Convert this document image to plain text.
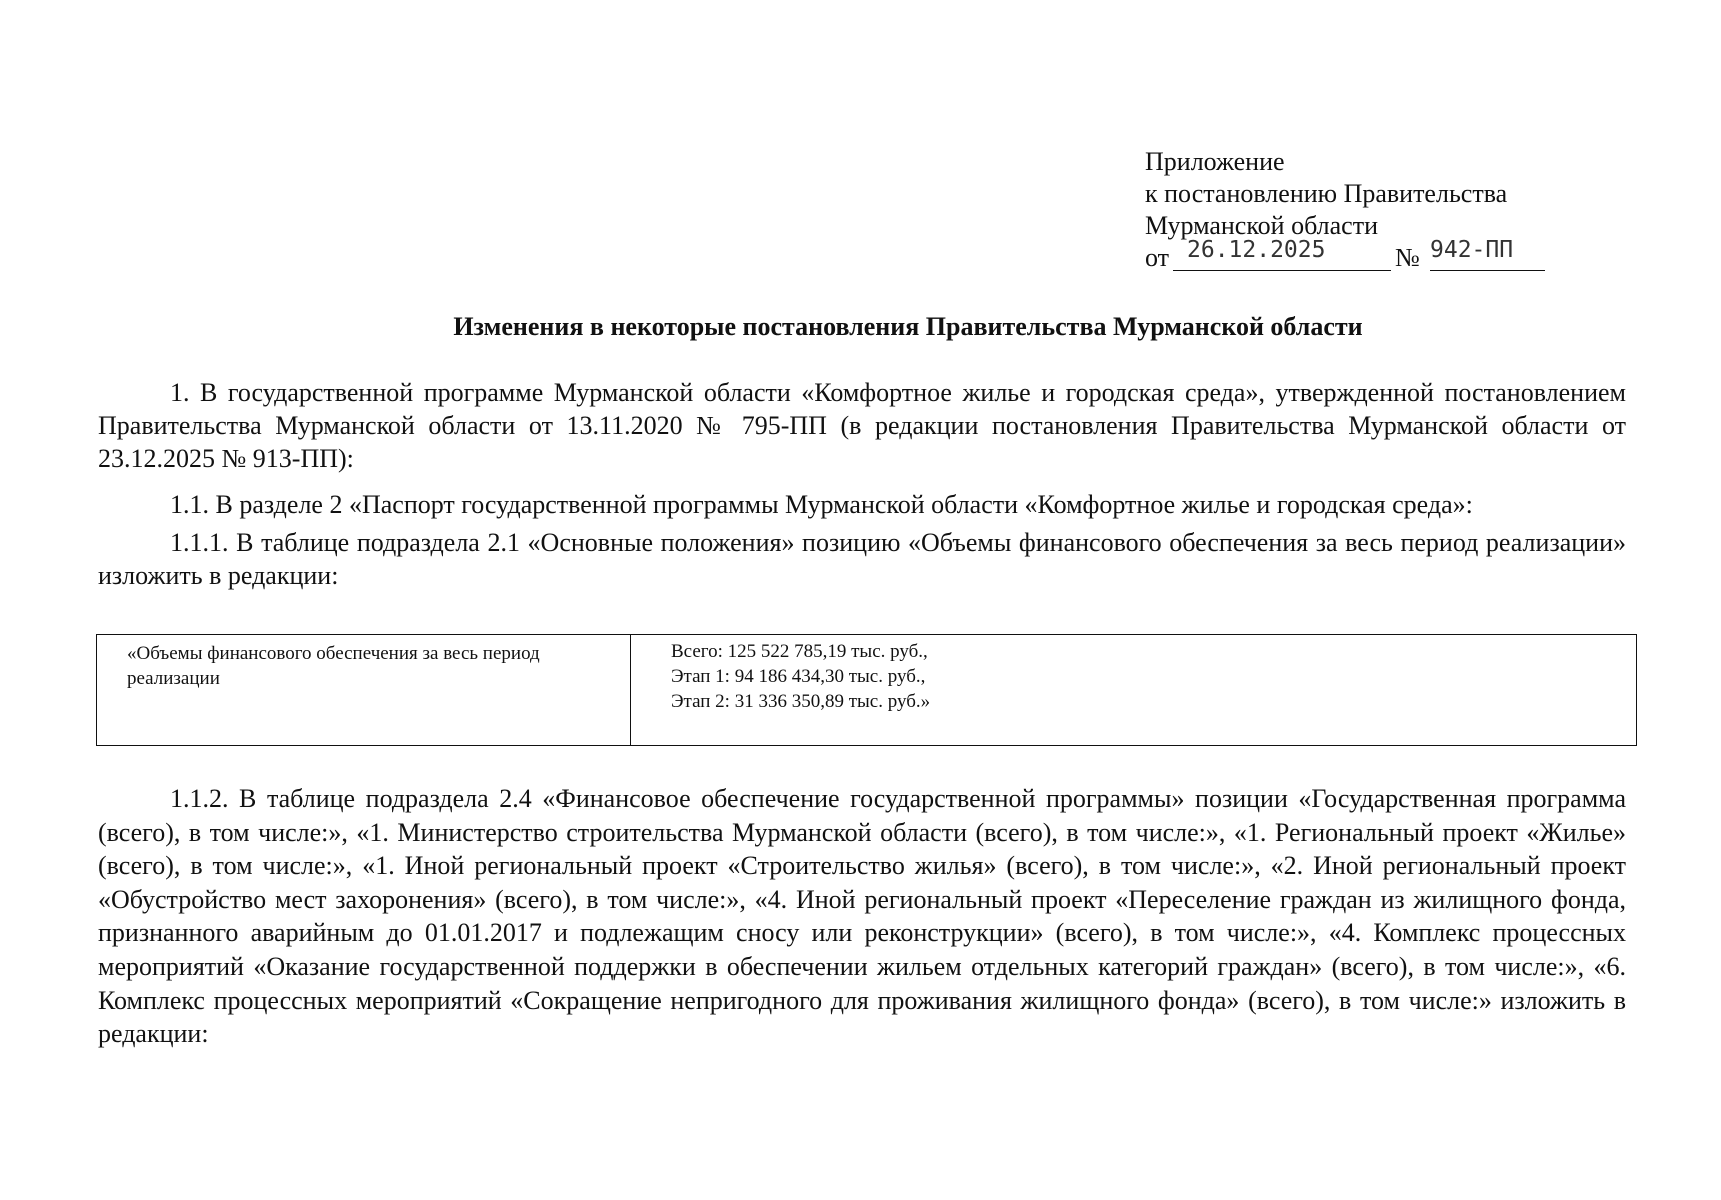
Приложение
к постановлению Правительства
Мурманской области
от 26.12.2025	№ 942-ПП
Изменения в некоторые постановления Правительства Мурманской области
1. В государственной программе Мурманской области «Комфортное жилье и городская среда», утвержденной постановлением Правительства Мурманской области от 13.11.2020 № 795-ПП (в редакции постановления Правительства Мурманской области от 23.12.2025 № 913-ПП):
1.1. В разделе 2 «Паспорт государственной программы Мурманской области «Комфортное жилье и городская среда»:
1.1.1. В таблице подраздела 2.1 «Основные положения» позицию «Объемы финансового обеспечения за весь период реализации» изложить в редакции:
«Объемы финансового обеспечения за весь период реализации
Всего: 125 522 785,19 тыс. руб.,
Этап 1: 94 186 434,30 тыс. руб.,
Этап 2: 31 336 350,89 тыс. руб.»
1.1.2. В таблице подраздела 2.4 «Финансовое обеспечение государственной программы» позиции «Государственная программа (всего), в том числе:», «1. Министерство строительства Мурманской области (всего), в том числе:», «1. Региональный проект «Жилье» (всего), в том числе:», «1. Иной региональный проект «Строительство жилья» (всего), в том числе:», «2. Иной региональный проект «Обустройство мест захоронения» (всего), в том числе:», «4. Иной региональный проект «Переселение граждан из жилищного фонда, признанного аварийным до 01.01.2017 и подлежащим сносу или реконструкции» (всего), в том числе:», «4. Комплекс процессных мероприятий «Оказание государственной поддержки в обеспечении жильем отдельных категорий граждан» (всего), в том числе:», «6. Комплекс процессных мероприятий «Сокращение непригодного для проживания жилищного фонда» (всего), в том числе:» изложить в редакции:
